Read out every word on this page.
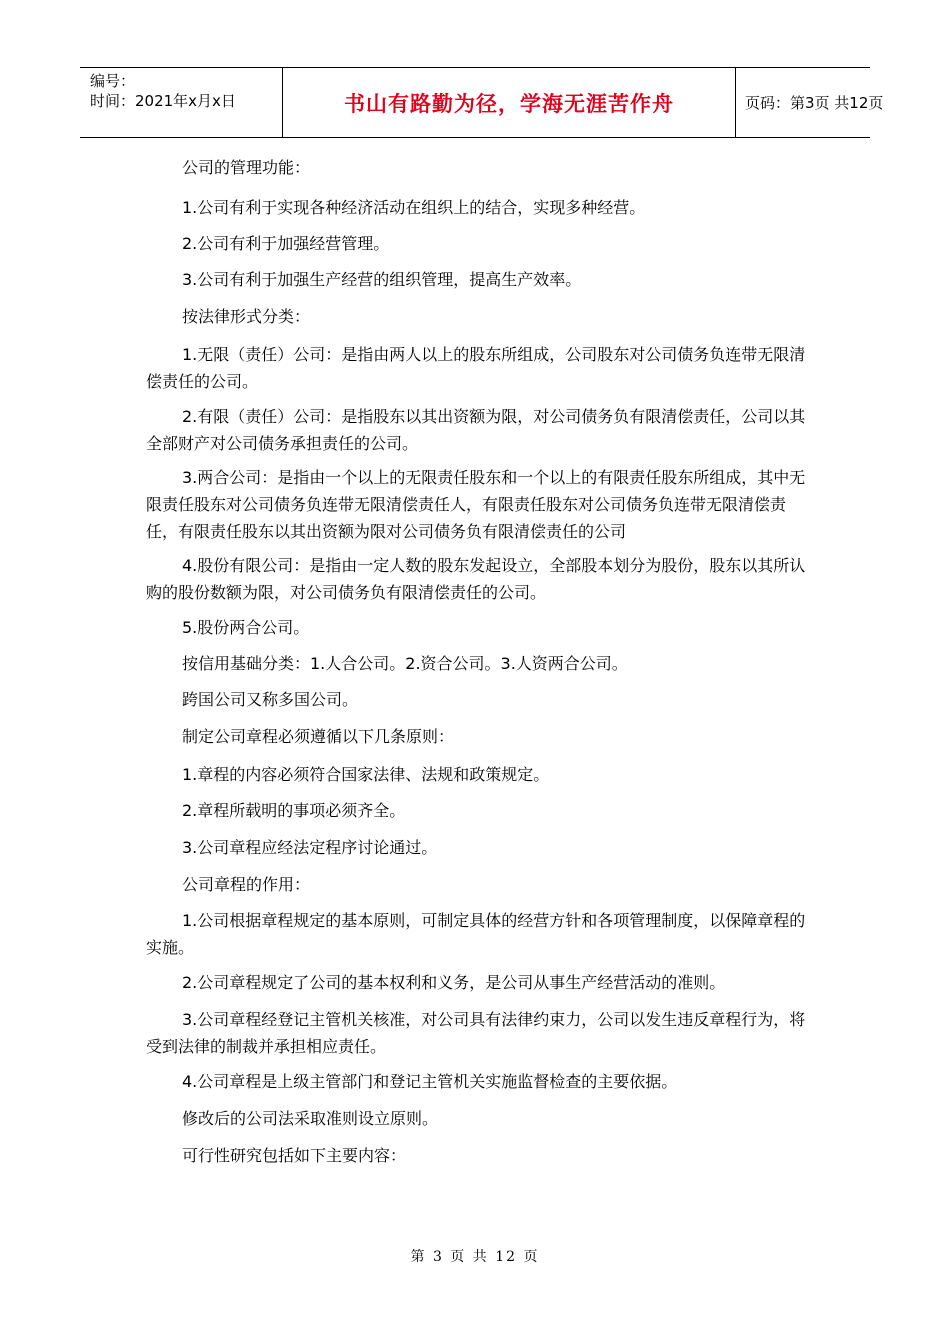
编号：
时间：2021年x月x日	书山有路勤为径，学海无涯苦作舟	页码：第3页 共12页

公司的管理功能：

1.公司有利于实现各种经济活动在组织上的结合，实现多种经营。

2.公司有利于加强经营管理。

3.公司有利于加强生产经营的组织管理，提高生产效率。

按法律形式分类：

1.无限（责任）公司：是指由两人以上的股东所组成，公司股东对公司债务负连带无限清偿责任的公司。

2.有限（责任）公司：是指股东以其出资额为限，对公司债务负有限清偿责任，公司以其全部财产对公司债务承担责任的公司。

3.两合公司：是指由一个以上的无限责任股东和一个以上的有限责任股东所组成，其中无限责任股东对公司债务负连带无限清偿责任人，有限责任股东对公司债务负连带无限清偿责任，有限责任股东以其出资额为限对公司债务负有限清偿责任的公司

4.股份有限公司：是指由一定人数的股东发起设立，全部股本划分为股份，股东以其所认购的股份数额为限，对公司债务负有限清偿责任的公司。

5.股份两合公司。

按信用基础分类：1.人合公司。2.资合公司。3.人资两合公司。

跨国公司又称多国公司。

制定公司章程必须遵循以下几条原则：

1.章程的内容必须符合国家法律、法规和政策规定。

2.章程所载明的事项必须齐全。

3.公司章程应经法定程序讨论通过。

公司章程的作用：

1.公司根据章程规定的基本原则，可制定具体的经营方针和各项管理制度，以保障章程的实施。

2.公司章程规定了公司的基本权利和义务，是公司从事生产经营活动的准则。

3.公司章程经登记主管机关核准，对公司具有法律约束力，公司以发生违反章程行为，将受到法律的制裁并承担相应责任。

4.公司章程是上级主管部门和登记主管机关实施监督检查的主要依据。

修改后的公司法采取准则设立原则。

可行性研究包括如下主要内容：

第 3 页 共 12 页
